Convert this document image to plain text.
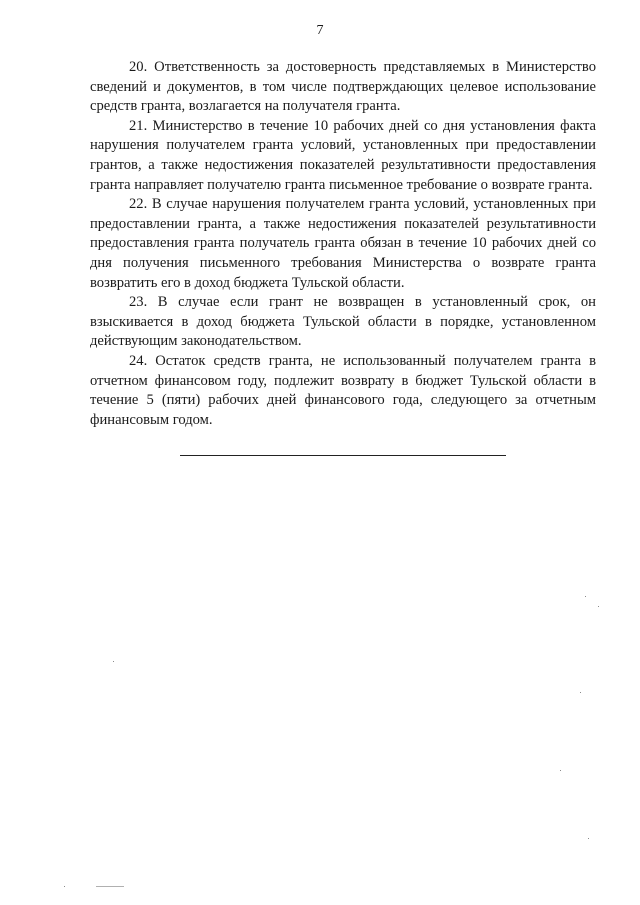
7

20. Ответственность за достоверность представляемых в Министерство сведений и документов, в том числе подтверждающих целевое использование средств гранта, возлагается на получателя гранта.

21. Министерство в течение 10 рабочих дней со дня установления факта нарушения получателем гранта условий, установленных при предоставлении грантов, а также недостижения показателей результативности предоставления гранта направляет получателю гранта письменное требование о возврате гранта.

22. В случае нарушения получателем гранта условий, установленных при предоставлении гранта, а также недостижения показателей результативности предоставления гранта получатель гранта обязан в течение 10 рабочих дней со дня получения письменного требования Министерства о возврате гранта возвратить его в доход бюджета Тульской области.

23. В случае если грант не возвращен в установленный срок, он взыскивается в доход бюджета Тульской области в порядке, установленном действующим законодательством.

24. Остаток средств гранта, не использованный получателем гранта в отчетном финансовом году, подлежит возврату в бюджет Тульской области в течение 5 (пяти) рабочих дней финансового года, следующего за отчетным финансовым годом.
